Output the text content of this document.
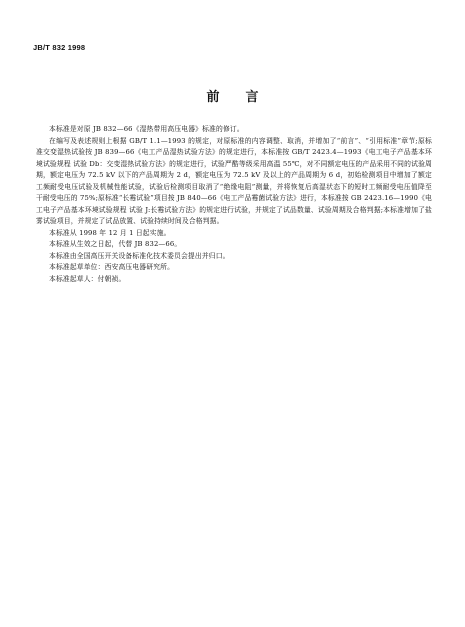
JB/T 832 1998
前 言

本标准是对原 JB 832—66《湿热带用高压电器》标准的修订。

在编写及表述规则上根据 GB/T 1.1—1993 的规定，对原标准的内容调整、取消，并增加了“前言”、“引用标准”章节;原标准交变湿热试验按 JB 839—66《电工产品湿热试验方法》的规定进行，本标准按 GB/T 2423.4—1993《电工电子产品基本环境试验规程 试验 Db：交变湿热试验方法》的规定进行，试验严酷等级采用高温 55℃，对不同额定电压的产品采用不同的试验周期，额定电压为 72.5 kV 以下的产品周期为 2 d，额定电压为 72.5 kV 及以上的产品周期为 6 d，初始检测项目中增加了额定工频耐受电压试验及机械性能试验，试验后检测项目取消了“绝缘电阻”测量，并将恢复后高湿状态下的短时工频耐受电压值降至干耐受电压的 75%;原标准“长霉试验”项目按 JB 840—66《电工产品霉菌试验方法》进行，本标准按 GB 2423.16—1990《电工电子产品基本环境试验规程 试验 J:长霉试验方法》的规定进行试验，并规定了试品数量、试验周期及合格判据;本标准增加了盐雾试验项目，并规定了试品放置、试验持续时间及合格判据。

本标准从 1998 年 12 月 1 日起实施。

本标准从生效之日起，代替 JB 832—66。

本标准由全国高压开关设备标准化技术委员会提出并归口。

本标准起草单位：西安高压电器研究所。

本标准起草人：付朝祯。
